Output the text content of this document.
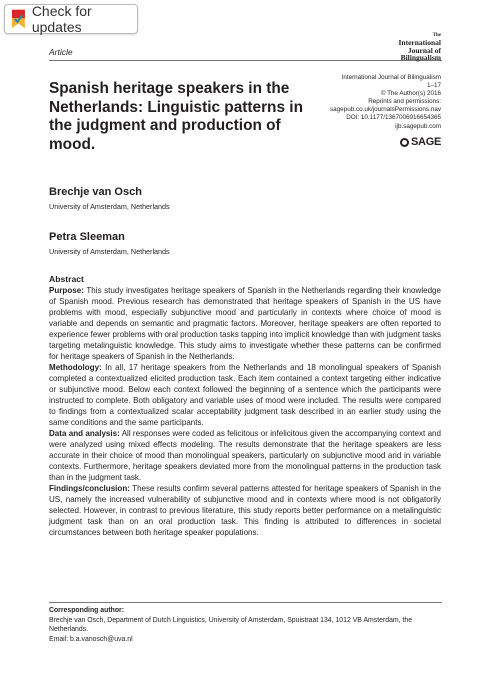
Check for updates
Article
The
International
Journal of
Bilingualism
International Journal of Bilingualism
1–17
© The Author(s) 2016
Reprints and permissions:
sagepub.co.uk/journalsPermissions.nav
DOI: 10.1177/1367006916654365
ijb.sagepub.com
SAGE
Spanish heritage speakers in the Netherlands: Linguistic patterns in the judgment and production of mood.
Brechje van Osch
University of Amsterdam, Netherlands
Petra Sleeman
University of Amsterdam, Netherlands
Abstract

Purpose: This study investigates heritage speakers of Spanish in the Netherlands regarding their knowledge of Spanish mood. Previous research has demonstrated that heritage speakers of Spanish in the US have problems with mood, especially subjunctive mood and particularly in contexts where choice of mood is variable and depends on semantic and pragmatic factors. Moreover, heritage speakers are often reported to experience fewer problems with oral production tasks tapping into implicit knowledge than with judgment tasks targeting metalinguistic knowledge. This study aims to investigate whether these patterns can be confirmed for heritage speakers of Spanish in the Netherlands.

Methodology: In all, 17 heritage speakers from the Netherlands and 18 monolingual speakers of Spanish completed a contextualized elicited production task. Each item contained a context targeting either indicative or subjunctive mood. Below each context followed the beginning of a sentence which the participants were instructed to complete. Both obligatory and variable uses of mood were included. The results were compared to findings from a contextualized scalar acceptability judgment task described in an earlier study using the same conditions and the same participants.

Data and analysis: All responses were coded as felicitous or infelicitous given the accompanying context and were analyzed using mixed effects modeling. The results demonstrate that the heritage speakers are less accurate in their choice of mood than monolingual speakers, particularly on subjunctive mood and in variable contexts. Furthermore, heritage speakers deviated more from the monolingual patterns in the production task than in the judgment task.

Findings/conclusion: These results confirm several patterns attested for heritage speakers of Spanish in the US, namely the increased vulnerability of subjunctive mood and in contexts where mood is not obligatorily selected. However, in contrast to previous literature, this study reports better performance on a metalinguistic judgment task than on an oral production task. This finding is attributed to differences in societal circumstances between both heritage speaker populations.

Corresponding author:
Brechje van Osch, Department of Dutch Linguistics, University of Amsterdam, Spuistraat 134, 1012 VB Amsterdam, the Netherlands.
Email: b.a.vanosch@uva.nl
